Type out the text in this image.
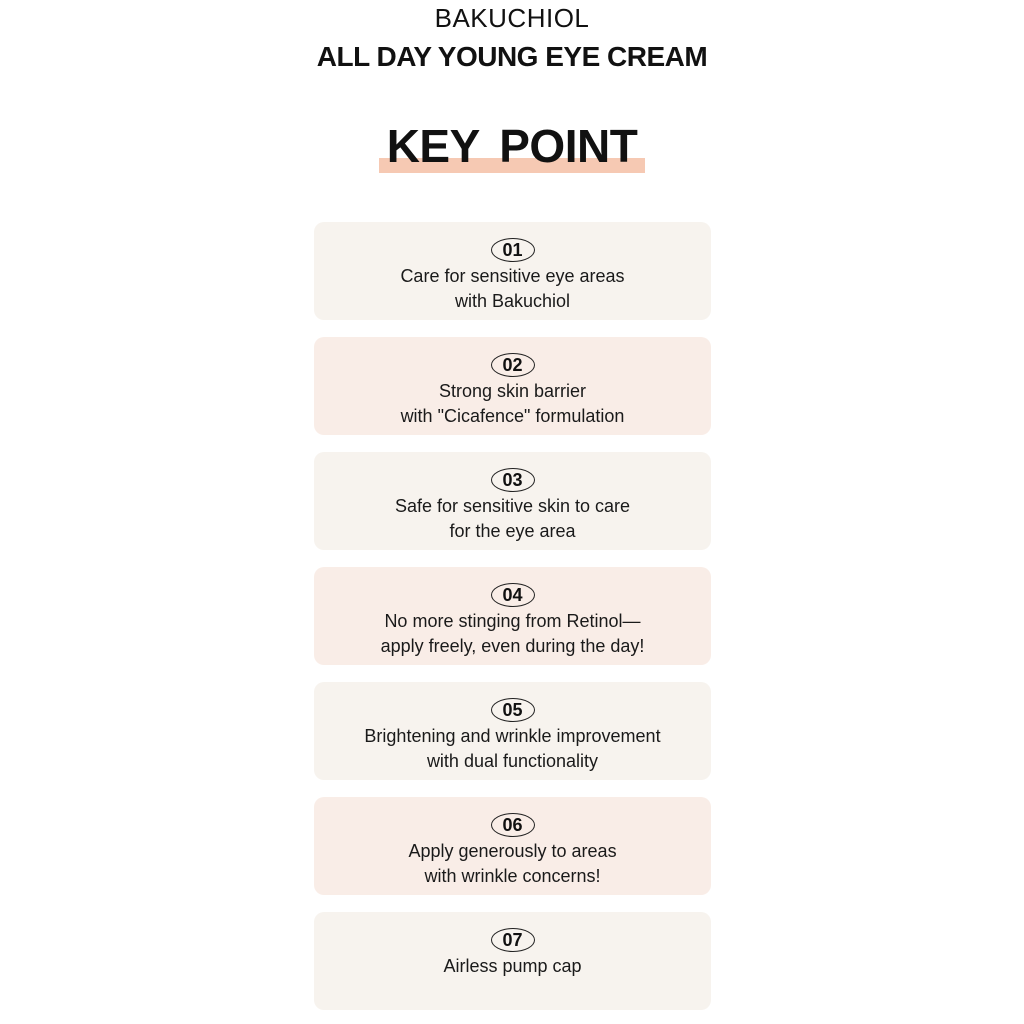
BAKUCHIOL
ALL DAY YOUNG EYE CREAM
KEY POINT
01
Care for sensitive eye areas
with Bakuchiol
02
Strong skin barrier
with "Cicafence" formulation
03
Safe for sensitive skin to care
for the eye area
04
No more stinging from Retinol—
apply freely, even during the day!
05
Brightening and wrinkle improvement
with dual functionality
06
Apply generously to areas
with wrinkle concerns!
07
Airless pump cap
